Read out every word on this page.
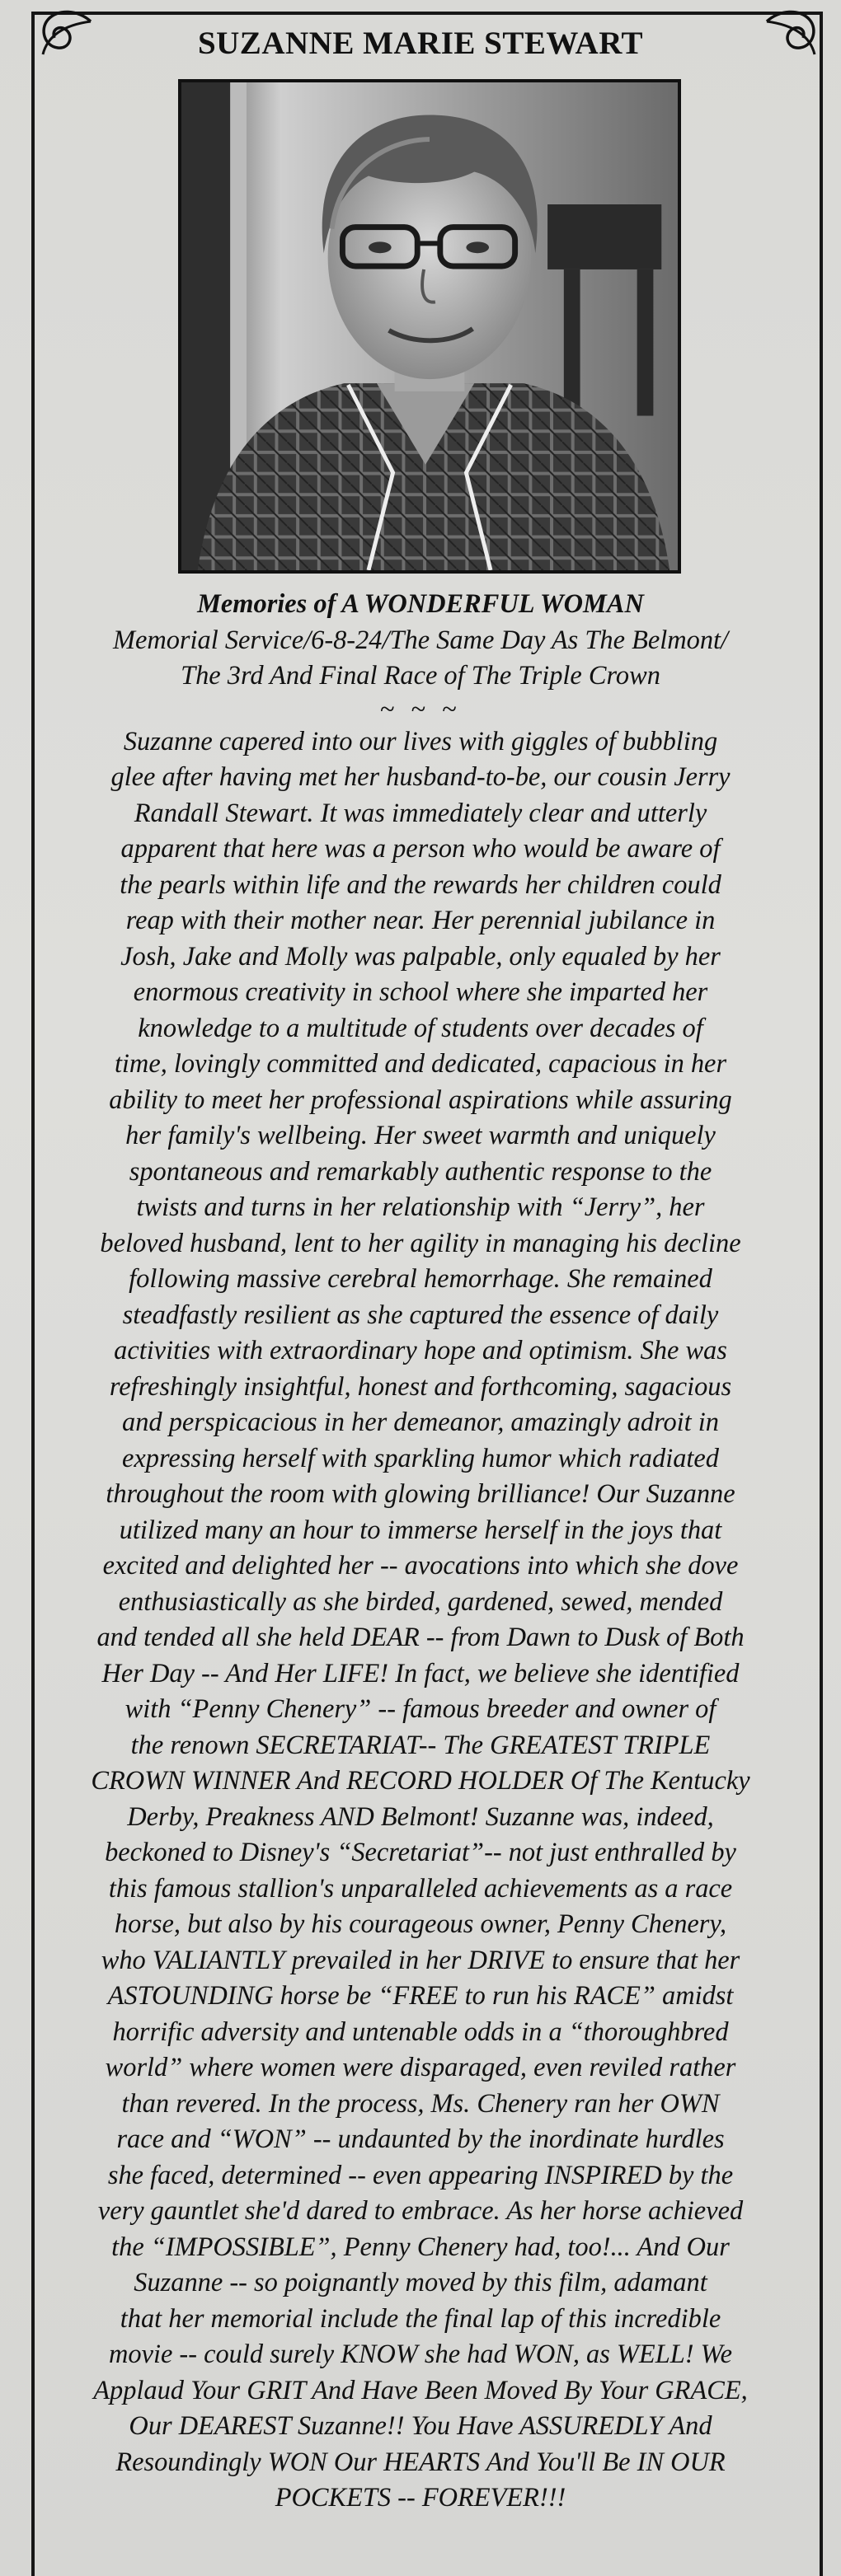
SUZANNE MARIE STEWART

Memories of A WONDERFUL WOMAN

Memorial Service/6-8-24/The Same Day As The Belmont/

The 3rd And Final Race of The Triple Crown

~ ~ ~

Suzanne capered into our lives with giggles of bubbling

glee after having met her husband-to-be, our cousin Jerry

Randall Stewart. It was immediately clear and utterly

apparent that here was a person who would be aware of

the pearls within life and the rewards her children could

reap with their mother near. Her perennial jubilance in

Josh, Jake and Molly was palpable, only equaled by her

enormous creativity in school where she imparted her

knowledge to a multitude of students over decades of

time, lovingly committed and dedicated, capacious in her

ability to meet her professional aspirations while assuring

her family's wellbeing. Her sweet warmth and uniquely

spontaneous and remarkably authentic response to the

twists and turns in her relationship with “Jerry”, her

beloved husband, lent to her agility in managing his decline

following massive cerebral hemorrhage. She remained

steadfastly resilient as she captured the essence of daily

activities with extraordinary hope and optimism. She was

refreshingly insightful, honest and forthcoming, sagacious

and perspicacious in her demeanor, amazingly adroit in

expressing herself with sparkling humor which radiated

throughout the room with glowing brilliance! Our Suzanne

utilized many an hour to immerse herself in the joys that

excited and delighted her -- avocations into which she dove

enthusiastically as she birded, gardened, sewed, mended

and tended all she held DEAR -- from Dawn to Dusk of Both

Her Day -- And Her LIFE! In fact, we believe she identified

with “Penny Chenery” -- famous breeder and owner of

the renown SECRETARIAT-- The GREATEST TRIPLE

CROWN WINNER And RECORD HOLDER Of The Kentucky

Derby, Preakness AND Belmont! Suzanne was, indeed,

beckoned to Disney's “Secretariat”-- not just enthralled by

this famous stallion's unparalleled achievements as a race

horse, but also by his courageous owner, Penny Chenery,

who VALIANTLY prevailed in her DRIVE to ensure that her

ASTOUNDING horse be “FREE to run his RACE” amidst

horrific adversity and untenable odds in a “thoroughbred

world” where women were disparaged, even reviled rather

than revered. In the process, Ms. Chenery ran her OWN

race and “WON” -- undaunted by the inordinate hurdles

she faced, determined -- even appearing INSPIRED by the

very gauntlet she'd dared to embrace. As her horse achieved

the “IMPOSSIBLE”, Penny Chenery had, too!... And Our

Suzanne -- so poignantly moved by this film, adamant

that her memorial include the final lap of this incredible

movie -- could surely KNOW she had WON, as WELL! We

Applaud Your GRIT And Have Been Moved By Your GRACE,

Our DEAREST Suzanne!! You Have ASSUREDLY And

Resoundingly WON Our HEARTS And You'll Be IN OUR

POCKETS -- FOREVER!!!
